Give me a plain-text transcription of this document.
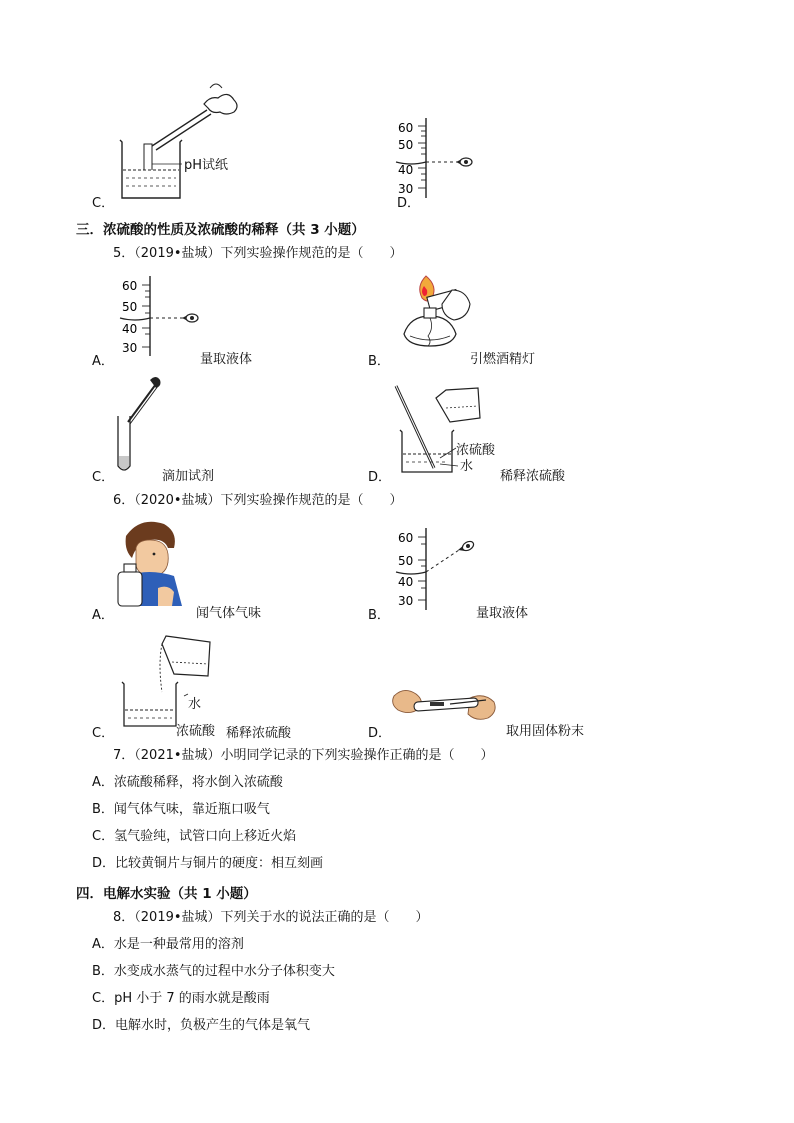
C．
pH试纸
D．
60
50
40
30
三．浓硫酸的性质及浓硫酸的稀释（共 3 小题）
5．（2019•盐城）下列实验操作规范的是（　　）
A．
60
50
40
30
量取液体	B．	引燃酒精灯
C．	滴加试剂	D．
浓硫酸
水
稀释浓硫酸
6．（2020•盐城）下列实验操作规范的是（　　）
A．	闻气体气味	B．
60
50
40
30
量取液体
C．
水
浓硫酸 稀释浓硫酸	D．	取用固体粉末
7．（2021•盐城）小明同学记录的下列实验操作正确的是（　　）
A．浓硫酸稀释，将水倒入浓硫酸
B．闻气体气味，靠近瓶口吸气
C．氢气验纯，试管口向上移近火焰
D．比较黄铜片与铜片的硬度：相互刻画
四．电解水实验（共 1 小题）
8．（2019•盐城）下列关于水的说法正确的是（　　）
A．水是一种最常用的溶剂
B．水变成水蒸气的过程中水分子体积变大
C．pH 小于 7 的雨水就是酸雨
D．电解水时，负极产生的气体是氧气
